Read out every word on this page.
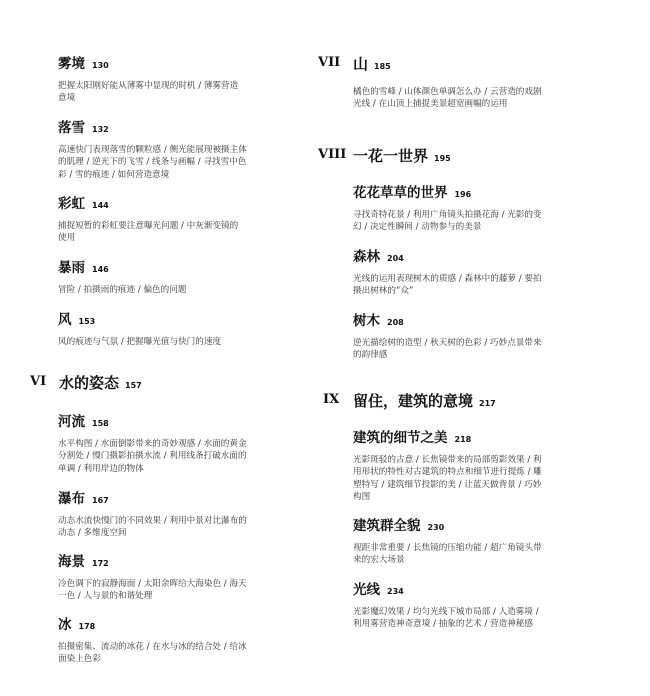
雾境 130
把握太阳刚好能从薄雾中显现的时机 / 薄雾营造
意境
落雪 132
高速快门表现落雪的颗粒感 / 侧光能展现被摄主体
的肌理 / 逆光下的飞雪 / 线条与画幅 / 寻找雪中色
彩 / 雪的痕迹 / 如何营造意境
彩虹 144
捕捉短暂的彩虹要注意曝光问题 / 中灰渐变镜的
使用
暴雨 146
冒险 / 拍摄雨的痕迹 / 偏色的问题
风 153
风的痕迹与气氛 / 把握曝光值与快门的速度
VI 水的姿态 157
河流 158
水平构图 / 水面倒影带来的奇妙观感 / 水面的黄金
分割处 / 慢门摄影拍摄水流 / 利用线条打破水面的
单调 / 利用岸边的物体
瀑布 167
动态水流快慢门的不同效果 / 利用中景对比瀑布的
动态 / 多维度空间
海景 172
冷色调下的寂静海面 / 太阳余晖给大海染色 / 海天
一色 / 人与景的和谐处理
冰 178
拍摄密集、流动的冰花 / 在水与冰的结合处 / 给冰
面染上色彩
VII 山 185
橘色的雪峰 / 山体颜色单调怎么办 / 云营造的戏剧
光线 / 在山顶上捕捉美景超宽画幅的运用
VIII 一花一世界 195
花花草草的世界 196
寻找奇特花景 / 利用广角镜头拍摄花海 / 光影的变
幻 / 决定性瞬间 / 动物参与的美景
森林 204
光线的运用表现树木的质感 / 森林中的藤萝 / 要拍
摄出树林的“众”
树木 208
逆光描绘树的造型 / 秋天树的色彩 / 巧妙点景带来
的韵律感
IX 留住，建筑的意境 217
建筑的细节之美 218
光影斑驳的古意 / 长焦镜带来的局部剪影效果 / 利
用形状的特性对古建筑的特点和细节进行提炼 / 雕
塑特写 / 建筑细节投影的美 / 让蓝天做背景 / 巧妙
构图
建筑群全貌 230
视距非常重要 / 长焦镜的压缩功能 / 超广角镜头带
来的宏大场景
光线 234
光影魔幻效果 / 均匀光线下城市局部 / 人造雾境 /
利用雾营造神奇意境 / 抽象的艺术 / 营造神秘感
